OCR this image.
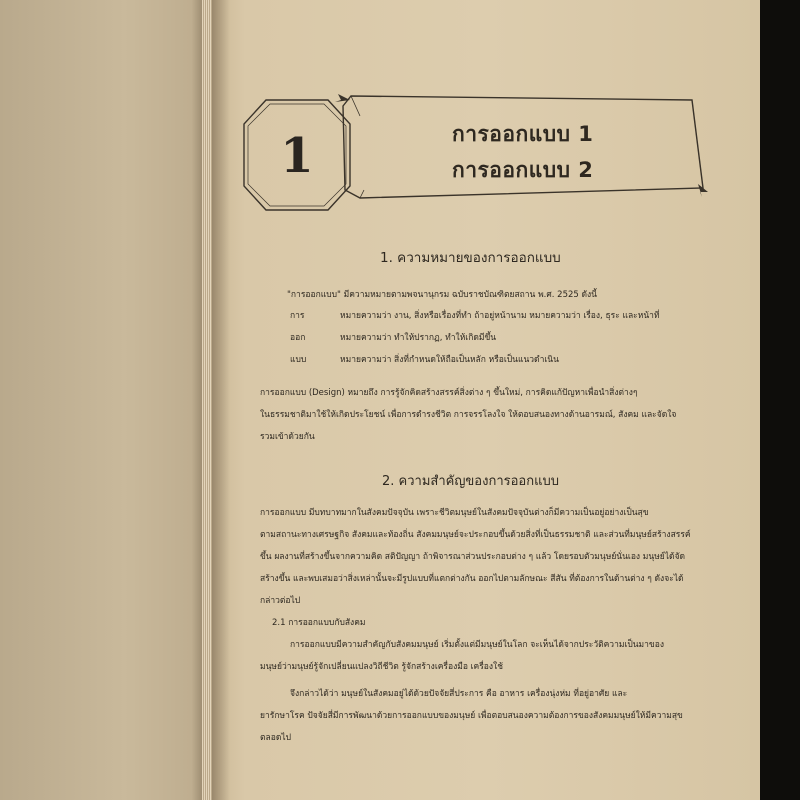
1	การออกแบบ 1
การออกแบบ 2
1. ความหมายของการออกแบบ
"การออกแบบ" มีความหมายตามพจนานุกรม ฉบับราชบัณฑิตยสถาน พ.ศ. 2525 ดังนี้
การ	หมายความว่า งาน, สิ่งหรือเรื่องที่ทำ ถ้าอยู่หน้านาม หมายความว่า เรื่อง, ธุระ และหน้าที่
ออก	หมายความว่า ทำให้ปรากฏ, ทำให้เกิดมีขึ้น
แบบ	หมายความว่า สิ่งที่กำหนดให้ถือเป็นหลัก หรือเป็นแนวดำเนิน
การออกแบบ (Design) หมายถึง การรู้จักคิดสร้างสรรค์สิ่งต่าง ๆ ขึ้นใหม่, การคิดแก้ปัญหาเพื่อนำสิ่งต่างๆ
ในธรรมชาติมาใช้ให้เกิดประโยชน์ เพื่อการดำรงชีวิต การจรรโลงใจ ให้ตอบสนองทางด้านอารมณ์, สังคม และจัดใจ
รวมเข้าด้วยกัน
2. ความสำคัญของการออกแบบ
การออกแบบ มีบทบาทมากในสังคมปัจจุบัน เพราะชีวิตมนุษย์ในสังคมปัจจุบันต่างก็มีความเป็นอยู่อย่างเป็นสุข
ตามสถานะทางเศรษฐกิจ สังคมและท้องถิ่น สังคมมนุษย์จะประกอบขึ้นด้วยสิ่งที่เป็นธรรมชาติ และส่วนที่มนุษย์สร้างสรรค์
ขึ้น ผลงานที่สร้างขึ้นจากความคิด สติปัญญา ถ้าพิจารณาส่วนประกอบต่าง ๆ แล้ว โดยรอบตัวมนุษย์นั่นเอง มนุษย์ได้จัด
สร้างขึ้น และพบเสมอว่าสิ่งเหล่านั้นจะมีรูปแบบที่แตกต่างกัน ออกไปตามลักษณะ สีสัน ที่ต้องการในด้านต่าง ๆ ดังจะได้
กล่าวต่อไป
2.1 การออกแบบกับสังคม
การออกแบบมีความสำคัญกับสังคมมนุษย์ เริ่มตั้งแต่มีมนุษย์ในโลก จะเห็นได้จากประวัติความเป็นมาของ
มนุษย์ว่ามนุษย์รู้จักเปลี่ยนแปลงวิถีชีวิต รู้จักสร้างเครื่องมือ เครื่องใช้
จึงกล่าวได้ว่า มนุษย์ในสังคมอยู่ได้ด้วยปัจจัยสี่ประการ คือ อาหาร เครื่องนุ่งห่ม ที่อยู่อาศัย และ
ยารักษาโรค ปัจจัยสี่มีการพัฒนาด้วยการออกแบบของมนุษย์ เพื่อตอบสนองความต้องการของสังคมมนุษย์ให้มีความสุข
ตลอดไป
